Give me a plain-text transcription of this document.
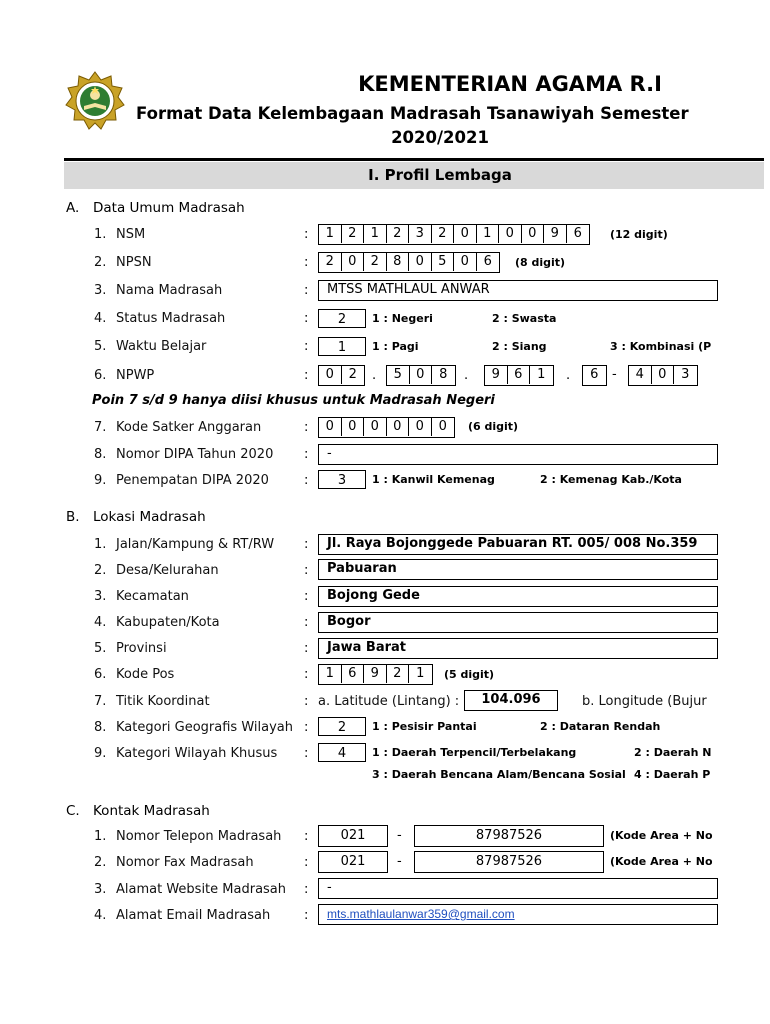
KEMENTERIAN AGAMA R.I
Format Data Kelembagaan Madrasah Tsanawiyah Semester
2020/2021
I. Profil Lembaga
A. Data Umum Madrasah
1. NSM	:	1	2	1	2	3	2	0	1	0	0	9	6	(12 digit)
2. NPSN	:	2	0	2	8	0	5	0	6	(8 digit)
3. Nama Madrasah	:	MTSS MATHLAUL ANWAR
4. Status Madrasah	:	2	1 : Negeri	2 : Swasta
5. Waktu Belajar	:	1	1 : Pagi	2 : Siang	3 : Kombinasi (P
6. NPWP	:	0	2	.	5	0	8	.	9	6	1	.	6	-	4	0	3
Poin 7 s/d 9 hanya diisi khusus untuk Madrasah Negeri
7. Kode Satker Anggaran	:	0	0	0	0	0	0	(6 digit)
8. Nomor DIPA Tahun 2020 :	-
9. Penempatan DIPA 2020	:	3	1 : Kanwil Kemenag	2 : Kemenag Kab./Kota
B. Lokasi Madrasah
1. Jalan/Kampung & RT/RW :	Jl. Raya Bojonggede Pabuaran RT. 005/ 008 No.359
2. Desa/Kelurahan	:	Pabuaran
3. Kecamatan	:	Bojong Gede
4. Kabupaten/Kota	:	Bogor
5. Provinsi	:	Jawa Barat
6. Kode Pos	:	1	6	9	2	1	(5 digit)
7. Titik Koordinat	: a. Latitude (Lintang) :	104.096	b. Longitude (Bujur
8. Kategori Geografis Wilayah :	2	1 : Pesisir Pantai	2 : Dataran Rendah
9. Kategori Wilayah Khusus :	4	1 : Daerah Terpencil/Terbelakang	2 : Daerah N
3 : Daerah Bencana Alam/Bencana Sosial 4 : Daerah P
C. Kontak Madrasah
1. Nomor Telepon Madrasah :	021	-	87987526	(Kode Area + No
2. Nomor Fax Madrasah	:	021	-	87987526	(Kode Area + No
3. Alamat Website Madrasah :	-
4. Alamat Email Madrasah	:	mts.mathlaulanwar359@gmail.com
